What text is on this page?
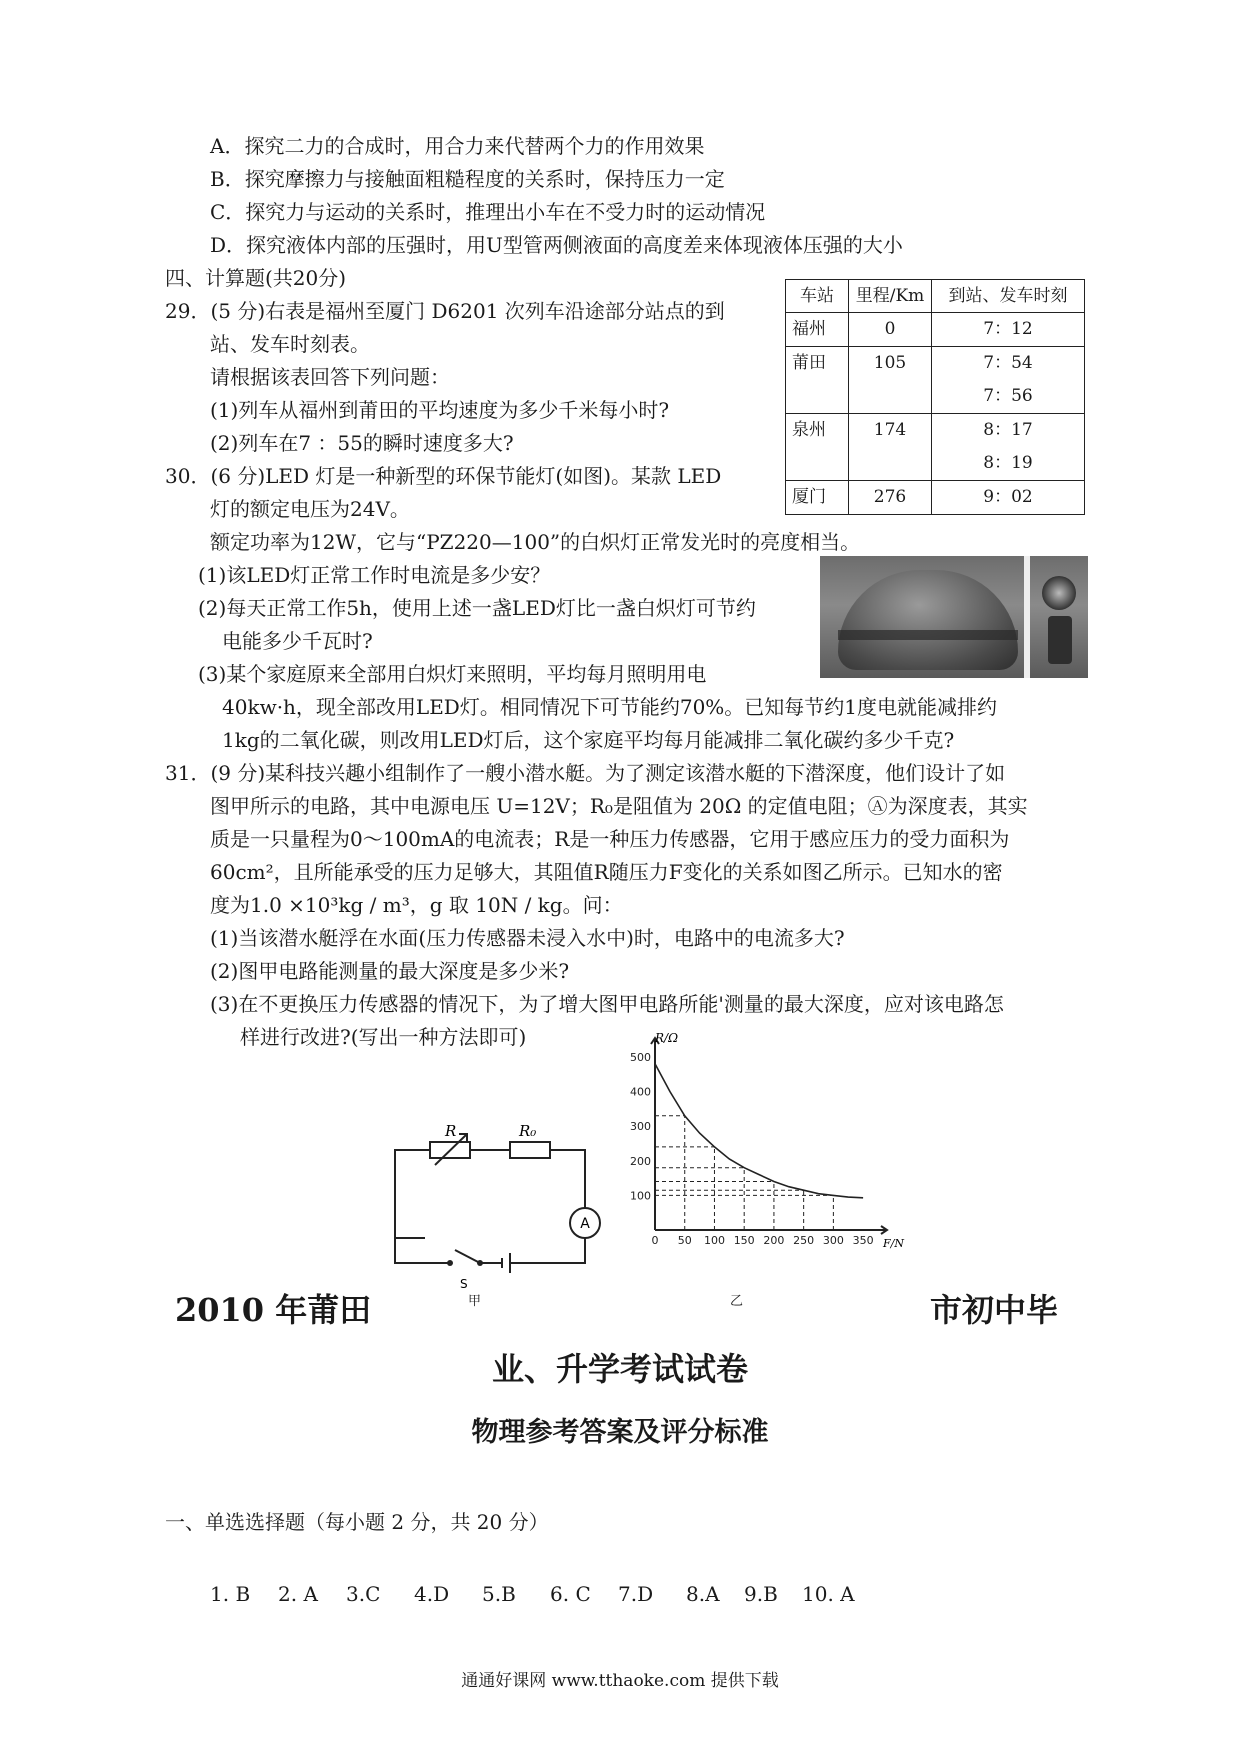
A．探究二力的合成时，用合力来代替两个力的作用效果
B．探究摩擦力与接触面粗糙程度的关系时，保持压力一定
C．探究力与运动的关系时，推理出小车在不受力时的运动情况
D．探究液体内部的压强时，用U型管两侧液面的高度差来体现液体压强的大小
四、计算题(共20分)
29．(5 分)右表是福州至厦门 D6201 次列车沿途部分站点的到
站、发车时刻表。
请根据该表回答下列问题：
(1)列车从福州到莆田的平均速度为多少千米每小时?
(2)列车在7 ：55的瞬时速度多大?
车站	里程/Km	到站、发车时刻
福州	0	7：12

莆田	105	7：54
7：56

泉州	174	8：17
8：19

厦门	276	9：02
30．(6 分)LED 灯是一种新型的环保节能灯(如图)。某款 LED
灯的额定电压为24V。
额定功率为12W，它与“PZ220—100”的白炽灯正常发光时的亮度相当。
(1)该LED灯正常工作时电流是多少安？
(2)每天正常工作5h，使用上述一盏LED灯比一盏白炽灯可节约
电能多少千瓦时?
(3)某个家庭原来全部用白炽灯来照明，平均每月照明用电
40kw·h，现全部改用LED灯。相同情况下可节能约70%。已知每节约1度电就能减排约
1kg的二氧化碳，则改用LED灯后，这个家庭平均每月能减排二氧化碳约多少千克?
31．(9 分)某科技兴趣小组制作了一艘小潜水艇。为了测定该潜水艇的下潜深度，他们设计了如
图甲所示的电路，其中电源电压 U=12V；R₀是阻值为 20Ω 的定值电阻；Ⓐ为深度表，其实
质是一只量程为0～100mA的电流表；R是一种压力传感器，它用于感应压力的受力面积为
60cm²，且所能承受的压力足够大，其阻值R随压力F变化的关系如图乙所示。已知水的密
度为1.0 ×10³kg / m³，g 取 10N / kg。问：
(1)当该潜水艇浮在水面(压力传感器未浸入水中)时，电路中的电流多大?
(2)图甲电路能测量的最大深度是多少米?
(3)在不更换压力传感器的情况下，为了增大图甲电路所能'测量的最大深度，应对该电路怎
样进行改进?(写出一种方法即可)
R	R₀
A
S
甲
0 50 100 150 200 250 300 350
100
200
300
400
500
R/Ω
F/N
乙
2010 年莆田	市初中毕
业、升学考试试卷
物理参考答案及评分标准
一、单选选择题（每小题 2 分，共 20 分）
1. B 2. A 3.C 4.D 5.B 6. C 7.D 8.A 9.B 10. A
通通好课网 www.tthaoke.com 提供下载
